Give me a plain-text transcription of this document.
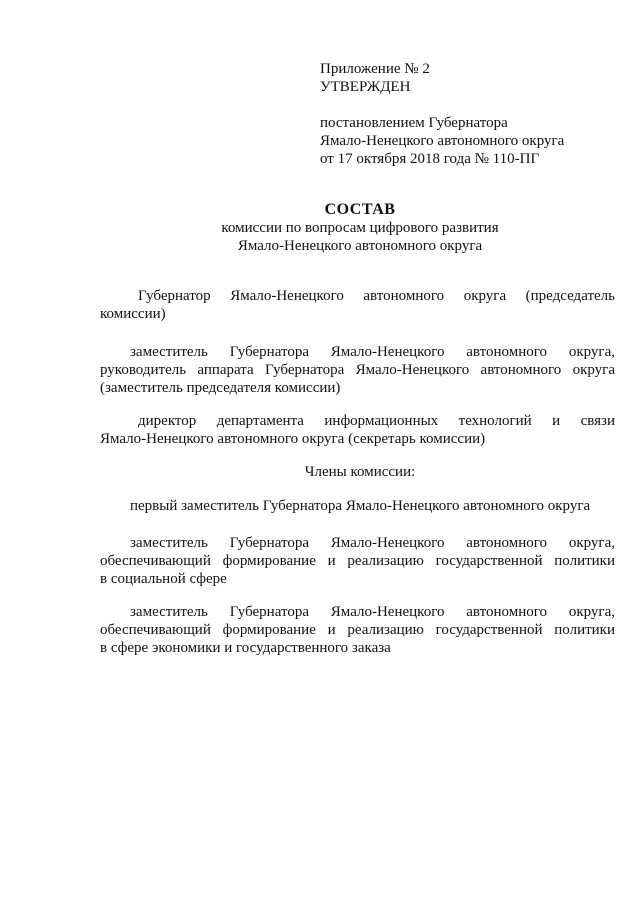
Приложение № 2
УТВЕРЖДЕН
постановлением Губернатора
Ямало-Ненецкого автономного округа
от 17 октября 2018 года № 110-ПГ
СОСТАВ
комиссии по вопросам цифрового развития
Ямало-Ненецкого автономного округа
Губернатор Ямало-Ненецкого автономного округа (председатель
комиссии)
заместитель Губернатора Ямало-Ненецкого автономного округа,
руководитель аппарата Губернатора Ямало-Ненецкого автономного округа
(заместитель председателя комиссии)
директор департамента информационных технологий и связи
Ямало-Ненецкого автономного округа (секретарь комиссии)
Члены комиссии:
первый заместитель Губернатора Ямало-Ненецкого автономного округа
заместитель Губернатора Ямало-Ненецкого автономного округа,
обеспечивающий формирование и реализацию государственной политики
в социальной сфере
заместитель Губернатора Ямало-Ненецкого автономного округа,
обеспечивающий формирование и реализацию государственной политики
в сфере экономики и государственного заказа
